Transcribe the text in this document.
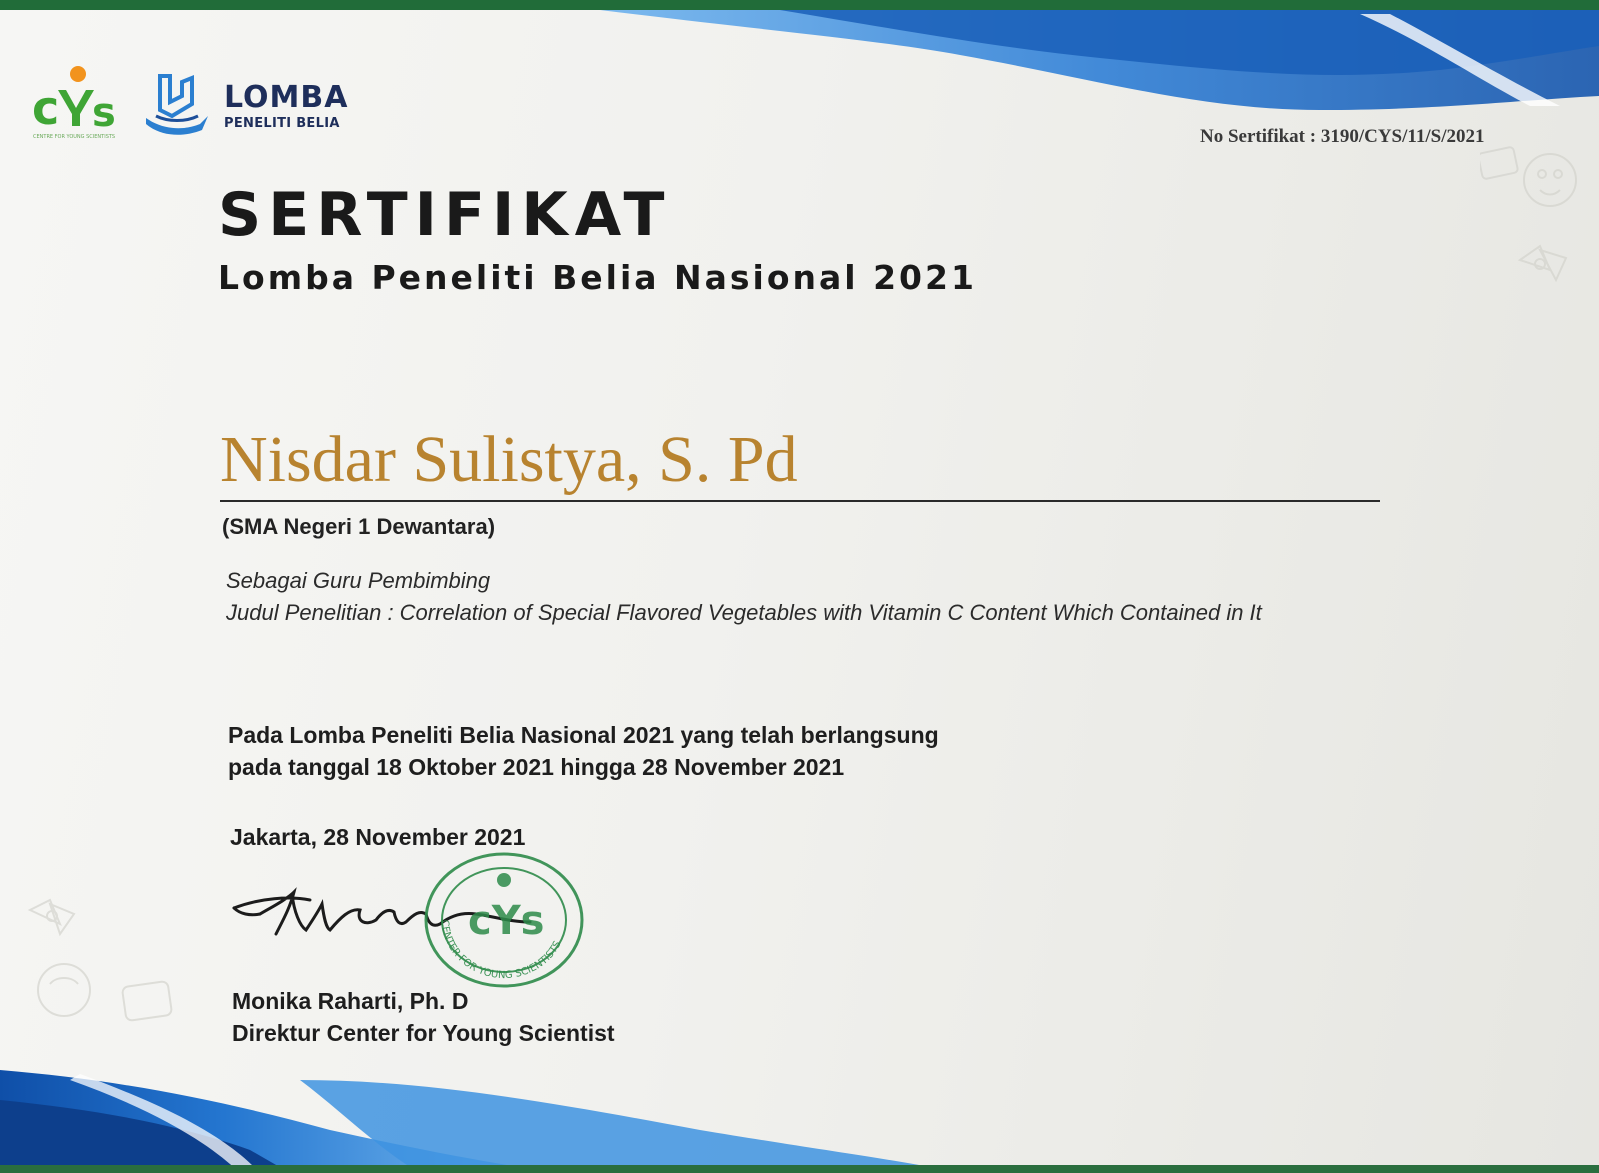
c s
CENTRE FOR YOUNG SCIENTISTS
LOMBA
PENELITI BELIA
No Sertifikat : 3190/CYS/11/S/2021
SERTIFIKAT
Lomba Peneliti Belia Nasional 2021
Nisdar Sulistya, S. Pd
(SMA Negeri 1 Dewantara)
Sebagai Guru Pembimbing
Judul Penelitian : Correlation of Special Flavored Vegetables with Vitamin C Content Which Contained in It
Pada Lomba Peneliti Belia Nasional 2021 yang telah berlangsung
pada tanggal 18 Oktober 2021 hingga 28 November 2021
Jakarta, 28 November 2021
cYs
CENTER FOR YOUNG SCIENTISTS
Monika Raharti, Ph. D
Direktur Center for Young Scientist
